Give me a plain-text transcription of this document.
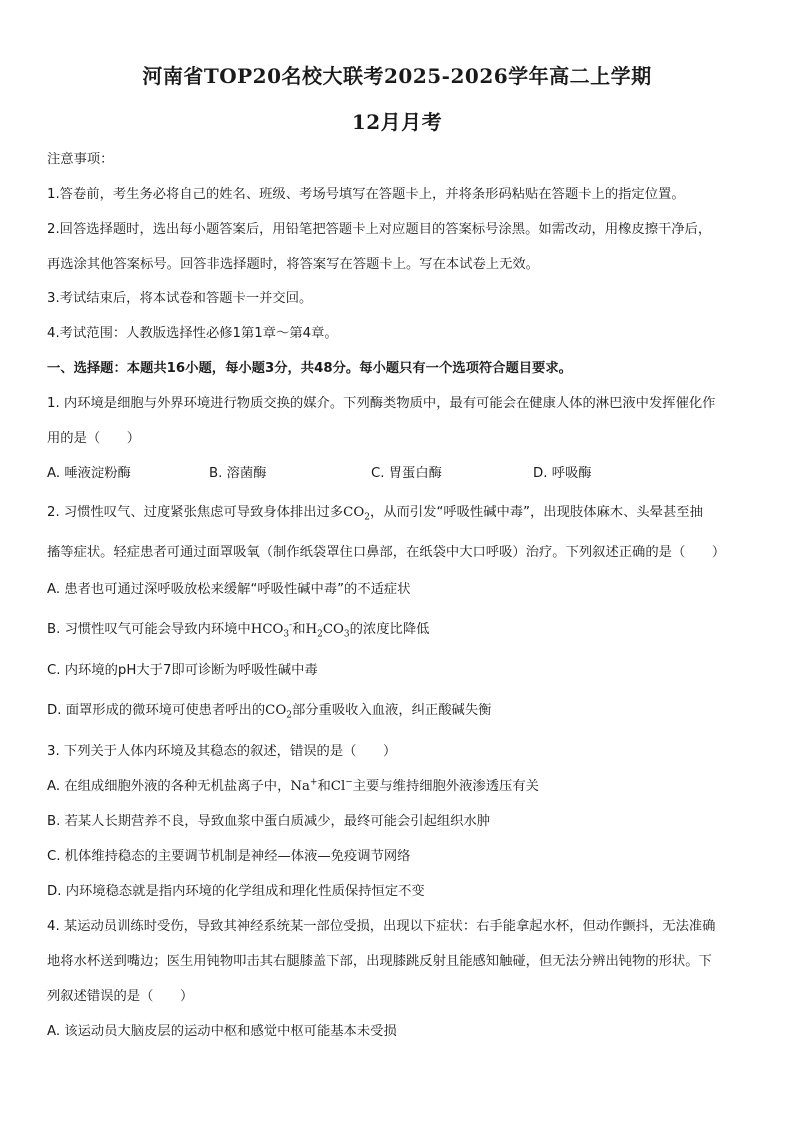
河南省TOP20名校大联考2025-2026学年高二上学期
12月月考
注意事项：
1.答卷前，考生务必将自己的姓名、班级、考场号填写在答题卡上，并将条形码粘贴在答题卡上的指定位置。
2.回答选择题时，选出每小题答案后，用铅笔把答题卡上对应题目的答案标号涂黑。如需改动，用橡皮擦干净后，
再选涂其他答案标号。回答非选择题时，将答案写在答题卡上。写在本试卷上无效。
3.考试结束后，将本试卷和答题卡一并交回。
4.考试范围：人教版选择性必修1第1章～第4章。
一、选择题：本题共16小题，每小题3分，共48分。每小题只有一个选项符合题目要求。
1. 内环境是细胞与外界环境进行物质交换的媒介。下列酶类物质中，最有可能会在健康人体的淋巴液中发挥催化作
用的是（　　）
A. 唾液淀粉酶	B. 溶菌酶	C. 胃蛋白酶	D. 呼吸酶
2. 习惯性叹气、过度紧张焦虑可导致身体排出过多$CO_2$，从而引发“呼吸性碱中毒”，出现肢体麻木、头晕甚至抽
搐等症状。轻症患者可通过面罩吸氧（制作纸袋罩住口鼻部，在纸袋中大口呼吸）治疗。下列叙述正确的是（　　）
A. 患者也可通过深呼吸放松来缓解“呼吸性碱中毒”的不适症状
B. 习惯性叹气可能会导致内环境中$HCO_3^-$和$H_2CO_3$的浓度比降低
C. 内环境的pH大于7即可诊断为呼吸性碱中毒
D. 面罩形成的微环境可使患者呼出的$CO_2$部分重吸收入血液，纠正酸碱失衡
3. 下列关于人体内环境及其稳态的叙述，错误的是（　　）
A. 在组成细胞外液的各种无机盐离子中，Na+和Cl−主要与维持细胞外液渗透压有关
B. 若某人长期营养不良，导致血浆中蛋白质减少，最终可能会引起组织水肿
C. 机体维持稳态的主要调节机制是神经—体液—免疫调节网络
D. 内环境稳态就是指内环境的化学组成和理化性质保持恒定不变
4. 某运动员训练时受伤，导致其神经系统某一部位受损，出现以下症状：右手能拿起水杯，但动作颤抖，无法准确
地将水杯送到嘴边；医生用钝物叩击其右腿膝盖下部，出现膝跳反射且能感知触碰，但无法分辨出钝物的形状。下
列叙述错误的是（　　）
A. 该运动员大脑皮层的运动中枢和感觉中枢可能基本未受损
